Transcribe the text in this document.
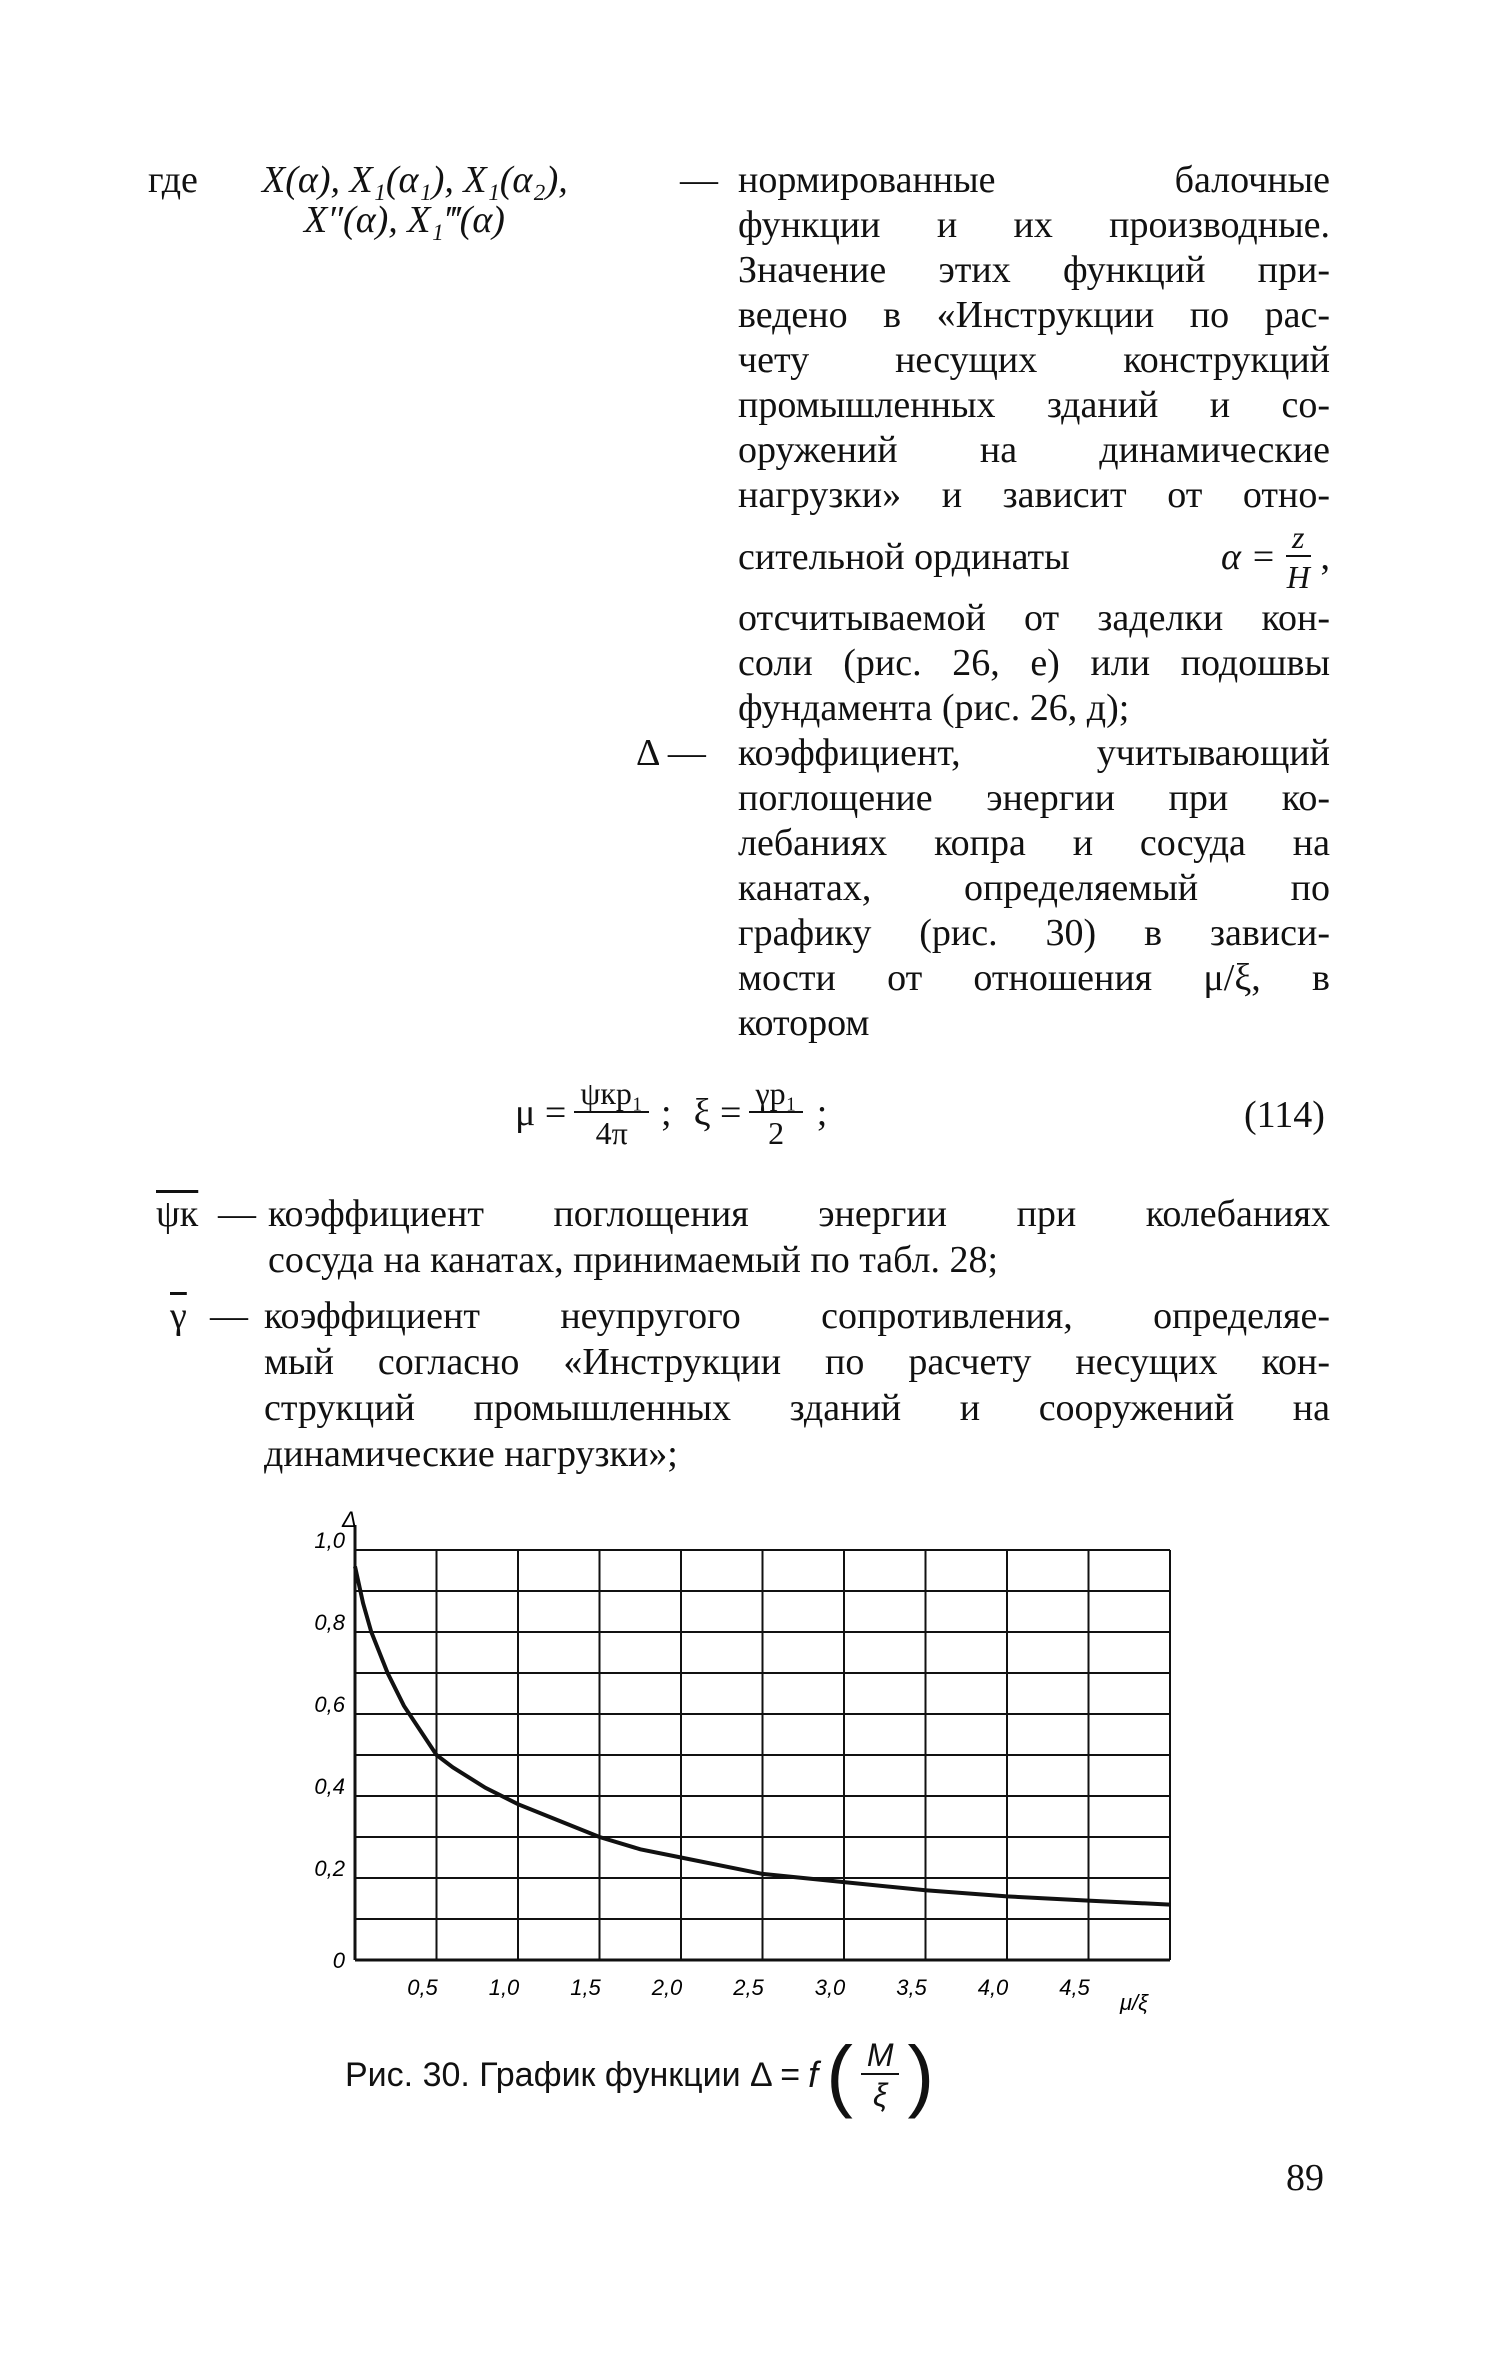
где X(α), X₁(α₁), X₁(α₂),
X″(α), X₁‴(α)
— нормированные балочные
функции и их производные.
Значение этих функций при-
ведено в «Инструкции по рас-
чету несущих конструкций
промышленных зданий и со-
оружений на динамические
нагрузки» и зависит от отно-
сительной ординаты	$\alpha = \frac{z}{H}$ ,
отсчитываемой от заделки кон-
соли (рис. 26, е) или подошвы
фундамента (рис. 26, д);
Δ — коэффициент, учитывающий
поглощение энергии при ко-
лебаниях копра и сосуда на
канатах, определяемый по
графику (рис. 30) в зависи-
мости от отношения μ/ξ, в
котором
$\mu = \frac{\text{ψкp₁}}{4\pi}$ ; $\xi = \frac{\text{γp₁}}{2}$ ;	(114)
ψк — коэффициент поглощения энергии при колебаниях
сосуда на канатах, принимаемый по табл. 28;
$\overline{\gamma}$ — коэффициент неупругого сопротивления, определяе-
мый согласно «Инструкции по расчету несущих кон-
струкций промышленных зданий и сооружений на
динамические нагрузки»;
0
0,2
0,4
0,6
0,8
1,0
0,5 1,0 1,5 2,0 2,5 3,0 3,5 4,0 4,5
Δ
μ/ξ
Рис. 30. График функции Δ = f ( $\frac{M}{\xi}$ )
89
